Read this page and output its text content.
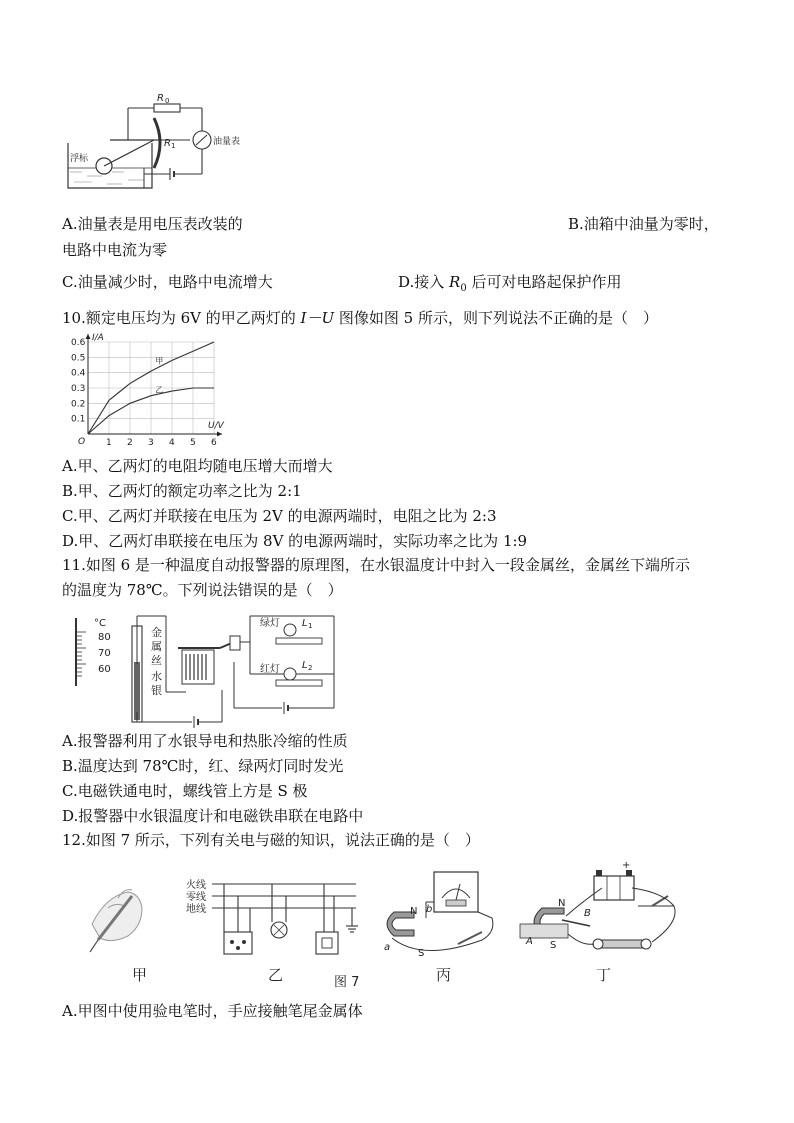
R 0
R 1	油量表
浮标
A.油量表是用电压表改装的	B.油箱中油量为零时，
电路中电流为零
C.油量减少时，电路中电流增大	D.接入 $R_0$ 后可对电路起保护作用
10.额定电压均为 6V 的甲乙两灯的 I－U 图像如图 5 所示，则下列说法不正确的是（　）
1 2 3 4 5 6
0.1
0.2
0.3
0.4
0.5
0.6
U/V
I/A
O
甲
乙
A.甲、乙两灯的电阻均随电压增大而增大
B.甲、乙两灯的额定功率之比为 2:1
C.甲、乙两灯并联接在电压为 2V 的电源两端时，电阻之比为 2:3
D.甲、乙两灯串联接在电压为 8V 的电源两端时，实际功率之比为 1:9
11.如图 6 是一种温度自动报警器的原理图，在水银温度计中封入一段金属丝，金属丝下端所示
的温度为 78℃。下列说法错误的是（　）
°C
80
70
60
金
属
丝
水
银
绿灯
红灯
L 1
L 2
A.报警器利用了水银导电和热胀冷缩的性质
B.温度达到 78℃时，红、绿两灯同时发光
C.电磁铁通电时，螺线管上方是 S 极
D.报警器中水银温度计和电磁铁串联在电路中
12.如图 7 所示，下列有关电与磁的知识，说法正确的是（　）
火线
零线
地线	N
S
a
b
N
S
B
A
+
甲	乙	图 7	丙	丁
A.甲图中使用验电笔时，手应接触笔尾金属体
